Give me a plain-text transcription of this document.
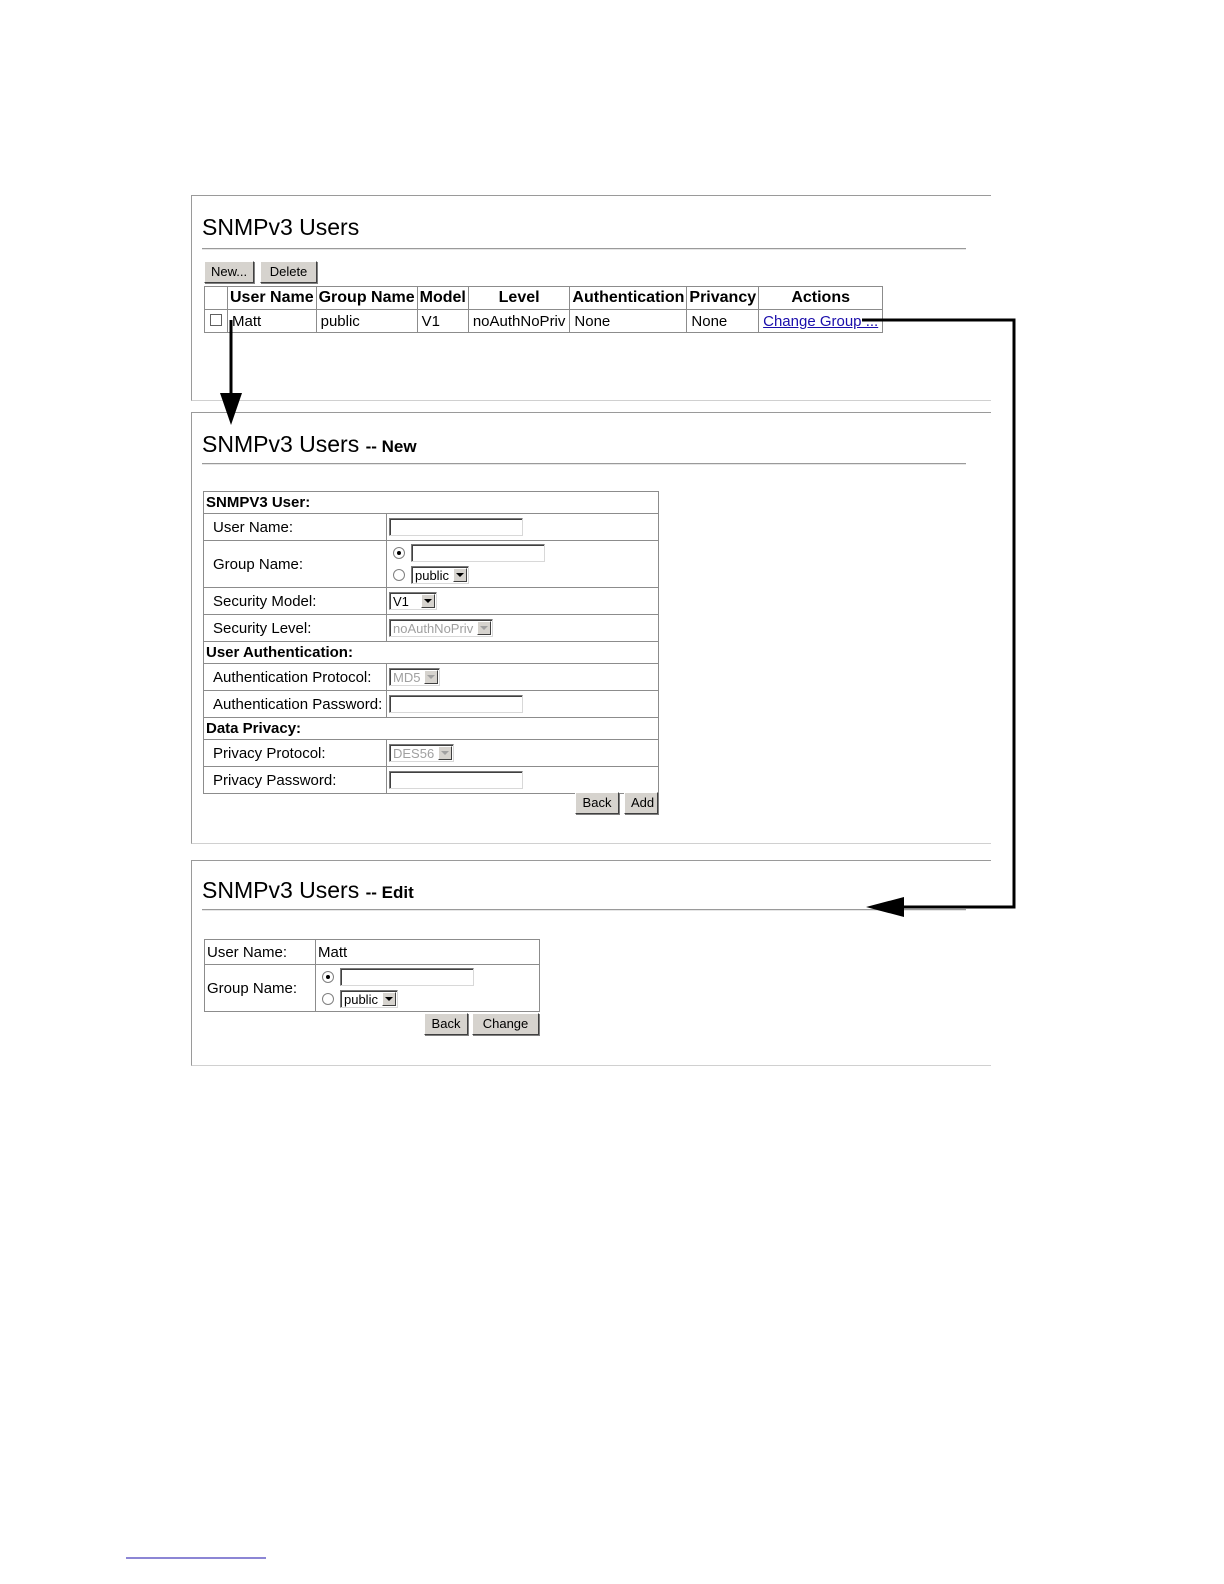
SNMPv3 Users
New...	Delete
	User Name	Group Name	Model	Level	Authentication	Privancy	Actions
	Matt	public	V1	noAuthNoPriv	None	None	Change Group ...
SNMPv3 Users -- New
SNMPV3 User:	
User Name:	
Group Name:	public

Security Model:	V1

Security Level:	noAuthNoPriv

User Authentication:	
Authentication Protocol:	MD5

Authentication Password:	
Data Privacy:	
Privacy Protocol:	DES56

Privacy Password:	
Back	Add
SNMPv3 Users -- Edit
User Name:	Matt
Group Name:	public
Back	Change
